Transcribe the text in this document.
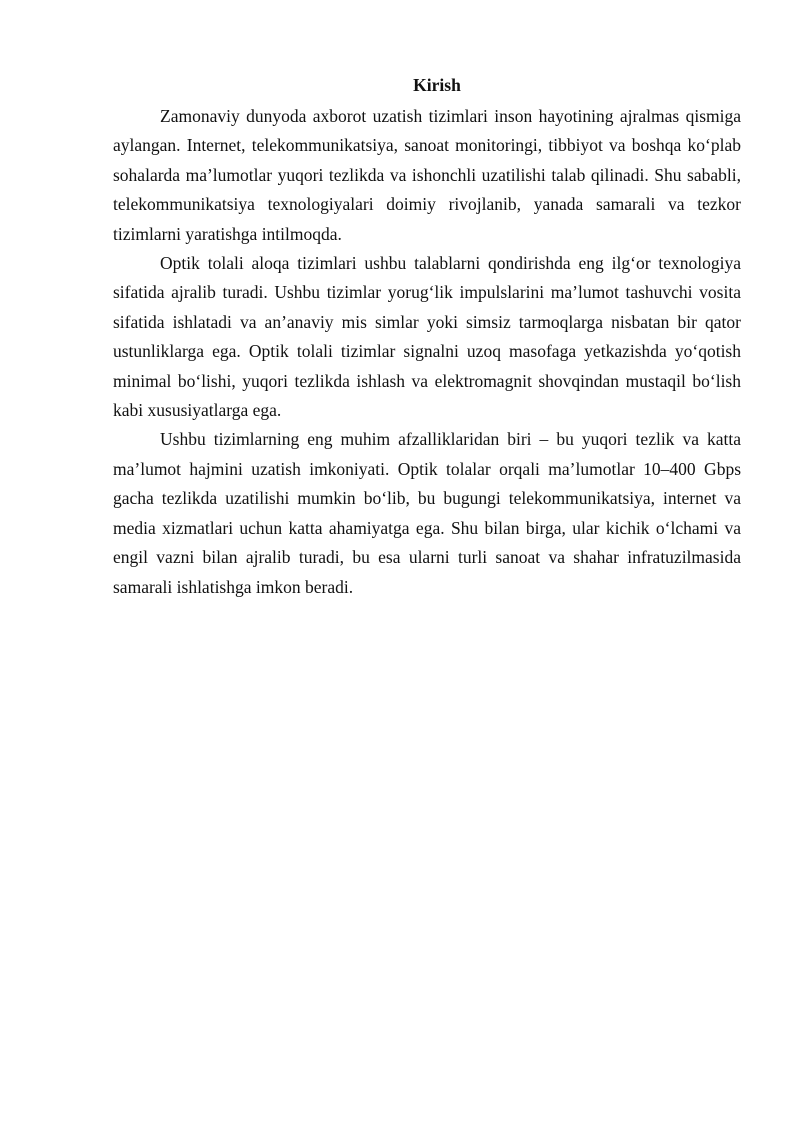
Kirish

Zamonaviy dunyoda axborot uzatish tizimlari inson hayotining ajralmas qismiga aylangan. Internet, telekommunikatsiya, sanoat monitoringi, tibbiyot va boshqa ko‘plab sohalarda ma’lumotlar yuqori tezlikda va ishonchli uzatilishi talab qilinadi. Shu sababli, telekommunikatsiya texnologiyalari doimiy rivojlanib, yanada samarali va tezkor tizimlarni yaratishga intilmoqda.

Optik tolali aloqa tizimlari ushbu talablarni qondirishda eng ilg‘or texnologiya sifatida ajralib turadi. Ushbu tizimlar yorug‘lik impulslarini ma’lumot tashuvchi vosita sifatida ishlatadi va an’anaviy mis simlar yoki simsiz tarmoqlarga nisbatan bir qator ustunliklarga ega. Optik tolali tizimlar signalni uzoq masofaga yetkazishda yo‘qotish minimal bo‘lishi, yuqori tezlikda ishlash va elektromagnit shovqindan mustaqil bo‘lish kabi xususiyatlarga ega.

Ushbu tizimlarning eng muhim afzalliklaridan biri – bu yuqori tezlik va katta ma’lumot hajmini uzatish imkoniyati. Optik tolalar orqali ma’lumotlar 10–400 Gbps gacha tezlikda uzatilishi mumkin bo‘lib, bu bugungi telekommunikatsiya, internet va media xizmatlari uchun katta ahamiyatga ega. Shu bilan birga, ular kichik o‘lchami va engil vazni bilan ajralib turadi, bu esa ularni turli sanoat va shahar infratuzilmasida samarali ishlatishga imkon beradi.
